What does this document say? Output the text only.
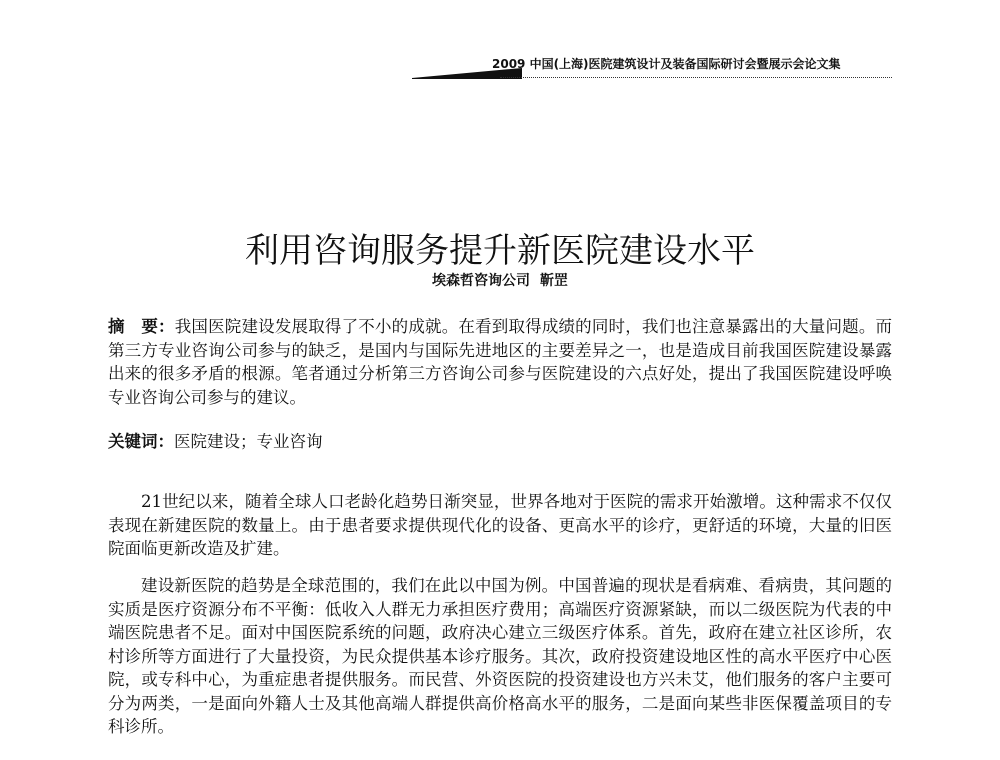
2009 中国(上海)医院建筑设计及装备国际研讨会暨展示会论文集
利用咨询服务提升新医院建设水平
埃森哲咨询公司 靳罡
摘　要：我国医院建设发展取得了不小的成就。在看到取得成绩的同时，我们也注意暴露出的大量问题。而第三方专业咨询公司参与的缺乏，是国内与国际先进地区的主要差异之一，也是造成目前我国医院建设暴露出来的很多矛盾的根源。笔者通过分析第三方咨询公司参与医院建设的六点好处，提出了我国医院建设呼唤专业咨询公司参与的建议。
关键词：医院建设；专业咨询

21世纪以来，随着全球人口老龄化趋势日渐突显，世界各地对于医院的需求开始激增。这种需求不仅仅表现在新建医院的数量上。由于患者要求提供现代化的设备、更高水平的诊疗，更舒适的环境，大量的旧医院面临更新改造及扩建。

建设新医院的趋势是全球范围的，我们在此以中国为例。中国普遍的现状是看病难、看病贵，其问题的实质是医疗资源分布不平衡：低收入人群无力承担医疗费用；高端医疗资源紧缺，而以二级医院为代表的中端医院患者不足。面对中国医院系统的问题，政府决心建立三级医疗体系。首先，政府在建立社区诊所，农村诊所等方面进行了大量投资，为民众提供基本诊疗服务。其次，政府投资建设地区性的高水平医疗中心医院，或专科中心，为重症患者提供服务。而民营、外资医院的投资建设也方兴未艾，他们服务的客户主要可分为两类，一是面向外籍人士及其他高端人群提供高价格高水平的服务，二是面向某些非医保覆盖项目的专科诊所。
